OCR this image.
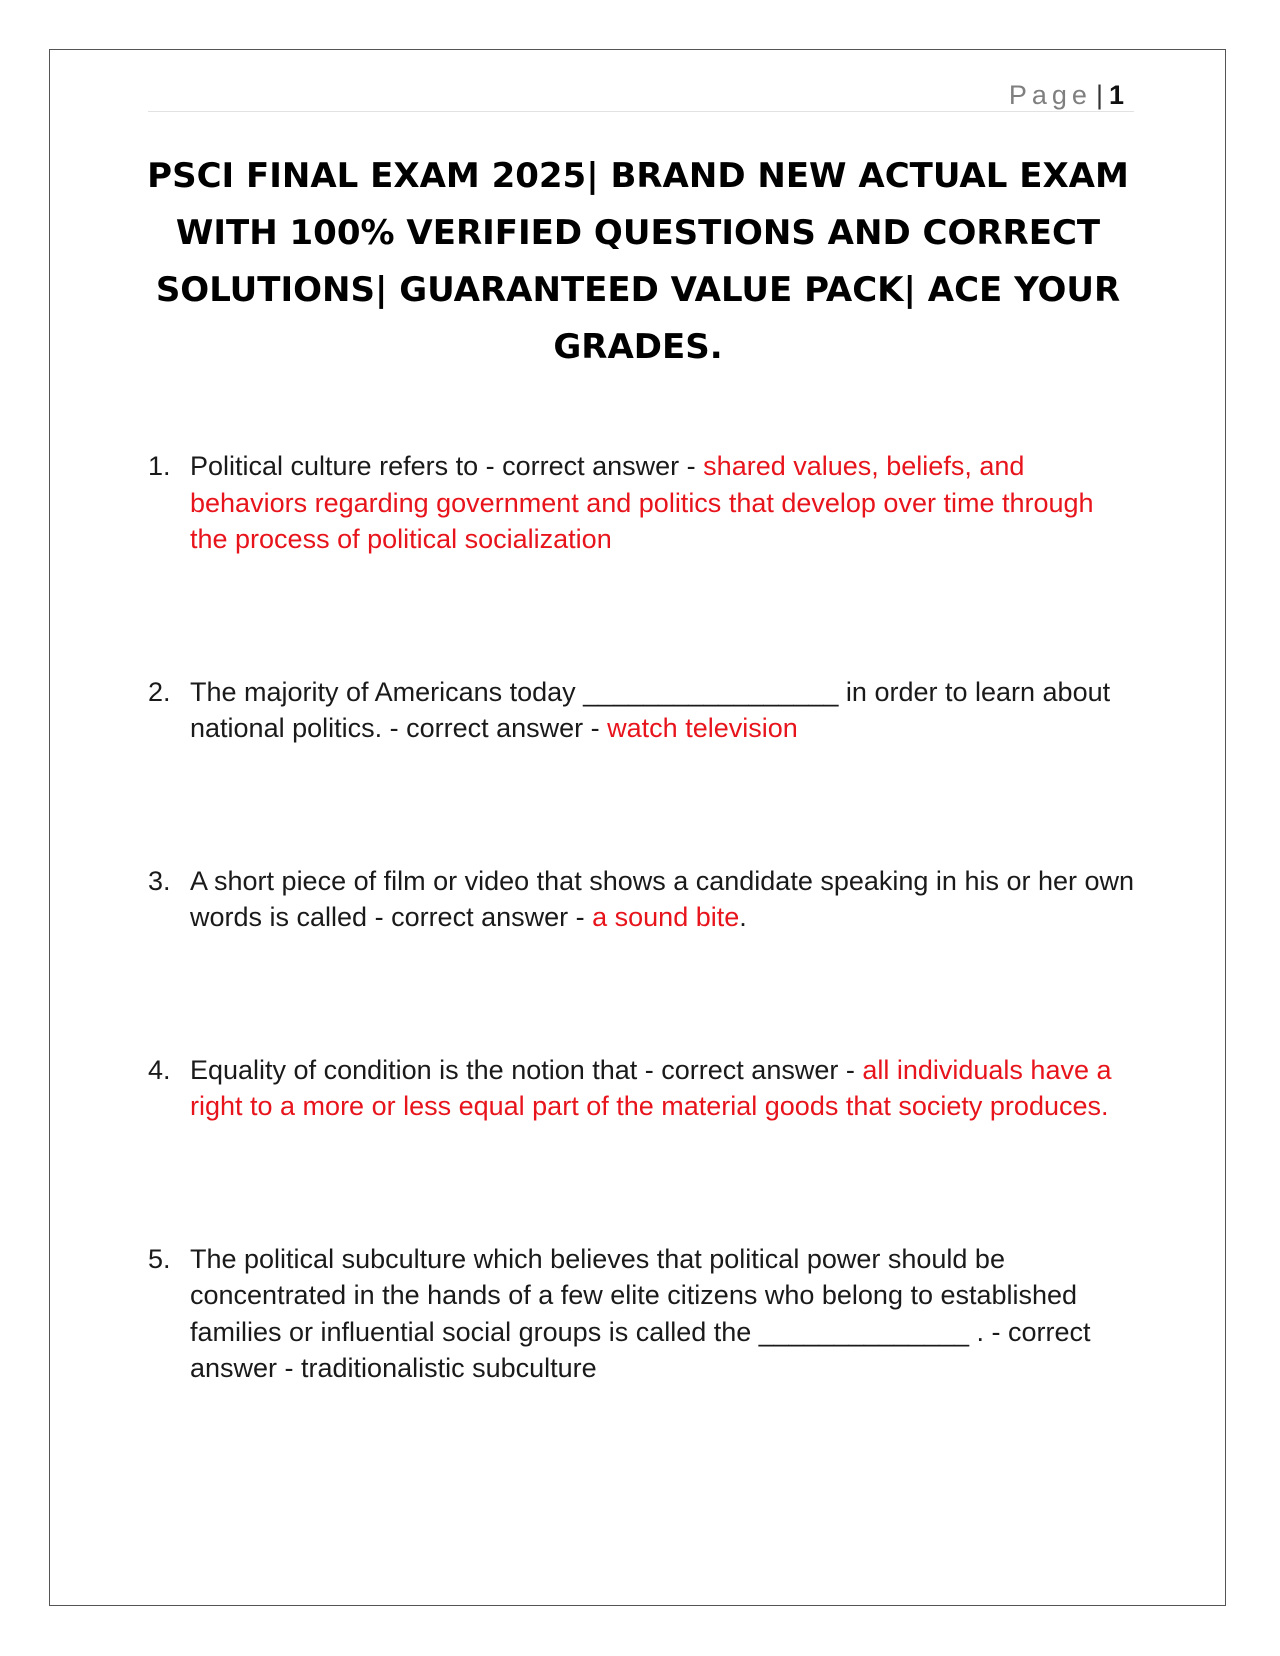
Page | 1
PSCI FINAL EXAM 2025| BRAND NEW ACTUAL EXAM WITH 100% VERIFIED QUESTIONS AND CORRECT SOLUTIONS| GUARANTEED VALUE PACK| ACE YOUR GRADES.
1. Political culture refers to - correct answer - shared values, beliefs, and behaviors regarding government and politics that develop over time through the process of political socialization
2. The majority of Americans today _________________ in order to learn about national politics. - correct answer - watch television
3. A short piece of film or video that shows a candidate speaking in his or her own words is called - correct answer - a sound bite.
4. Equality of condition is the notion that - correct answer - all individuals have a right to a more or less equal part of the material goods that society produces.
5. The political subculture which believes that political power should be concentrated in the hands of a few elite citizens who belong to established families or influential social groups is called the ______________ . - correct answer - traditionalistic subculture
